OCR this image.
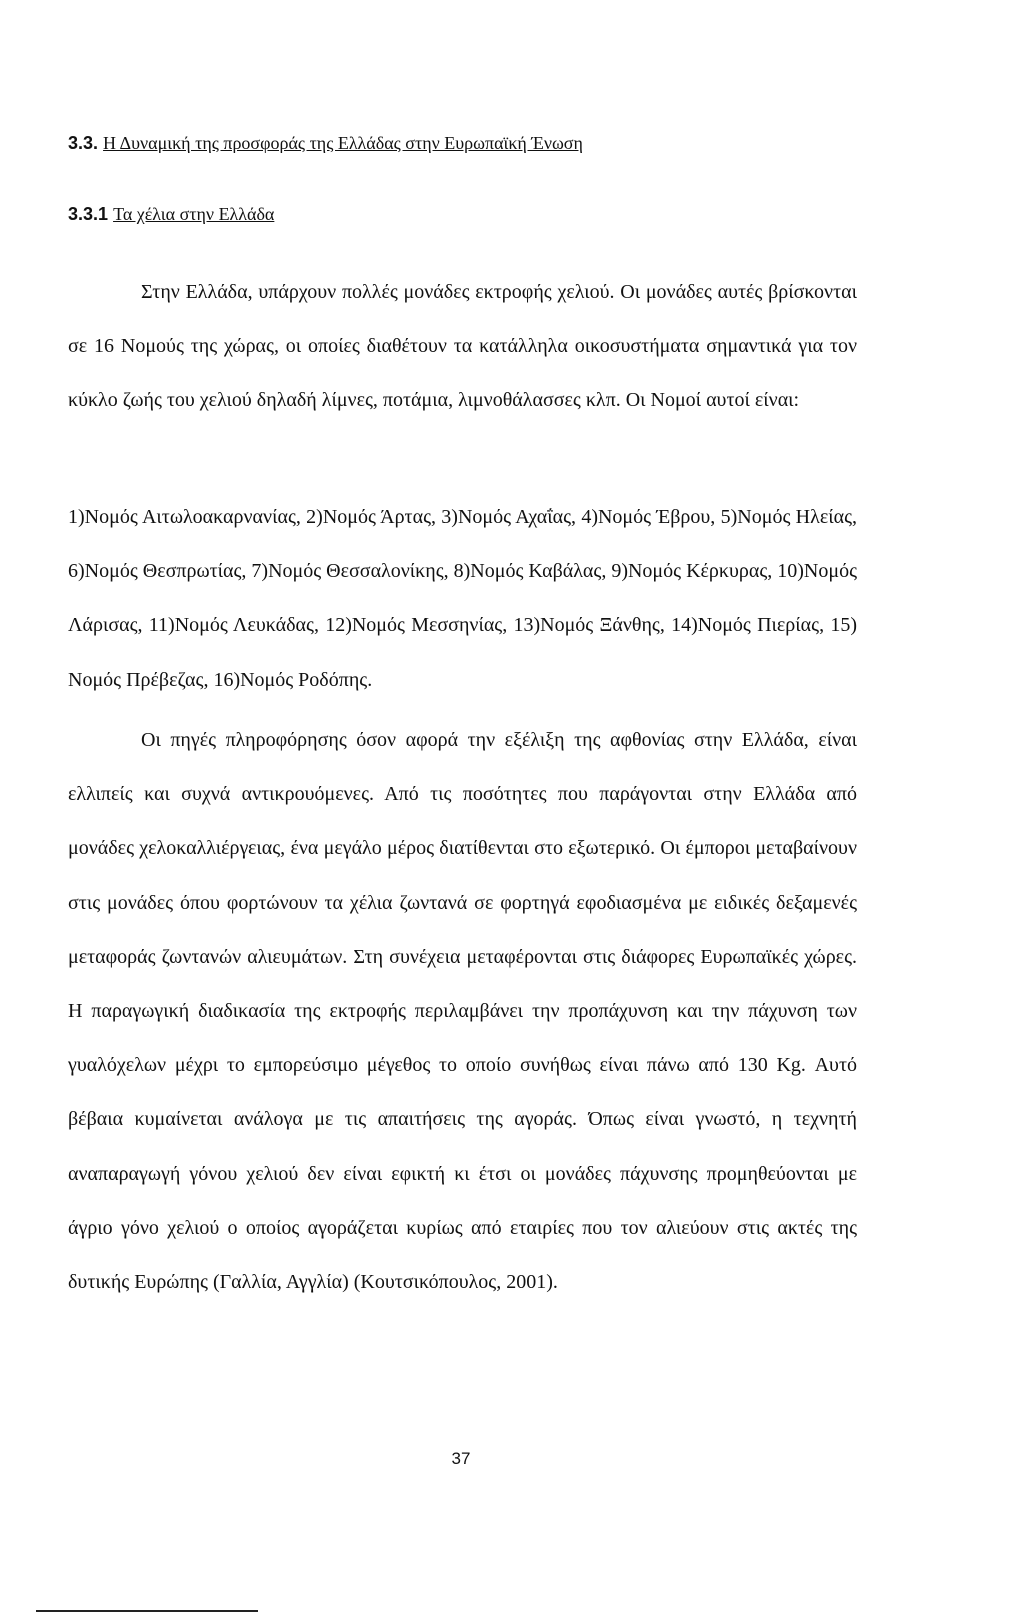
3.3. Η Δυναμική της προσφοράς της Ελλάδας στην Ευρωπαϊκή Ένωση
3.3.1 Τα χέλια στην Ελλάδα

Στην Ελλάδα, υπάρχουν πολλές μονάδες εκτροφής χελιού. Οι μονάδες αυτές βρίσκονται σε 16 Νομούς της χώρας, οι οποίες διαθέτουν τα κατάλληλα οικοσυστήματα σημαντικά για τον κύκλο ζωής του χελιού δηλαδή λίμνες, ποτάμια, λιμνοθάλασσες κλπ. Οι Νομοί αυτοί είναι:

1)Νομός Αιτωλοακαρνανίας, 2)Νομός Άρτας, 3)Νομός Αχαΐας, 4)Νομός Έβρου, 5)Νομός Ηλείας, 6)Νομός Θεσπρωτίας, 7)Νομός Θεσσαλονίκης, 8)Νομός Καβάλας, 9)Νομός Κέρκυρας, 10)Νομός Λάρισας, 11)Νομός Λευκάδας, 12)Νομός Μεσσηνίας, 13)Νομός Ξάνθης, 14)Νομός Πιερίας, 15) Νομός Πρέβεζας, 16)Νομός Ροδόπης.

Οι πηγές πληροφόρησης όσον αφορά την εξέλιξη της αφθονίας στην Ελλάδα, είναι ελλιπείς και συχνά αντικρουόμενες. Από τις ποσότητες που παράγονται στην Ελλάδα από μονάδες χελοκαλλιέργειας, ένα μεγάλο μέρος διατίθενται στο εξωτερικό. Οι έμποροι μεταβαίνουν στις μονάδες όπου φορτώνουν τα χέλια ζωντανά σε φορτηγά εφοδιασμένα με ειδικές δεξαμενές μεταφοράς ζωντανών αλιευμάτων. Στη συνέχεια μεταφέρονται στις διάφορες Ευρωπαϊκές χώρες. Η παραγωγική διαδικασία της εκτροφής περιλαμβάνει την προπάχυνση και την πάχυνση των γυαλόχελων μέχρι το εμπορεύσιμο μέγεθος το οποίο συνήθως είναι πάνω από 130 Kg. Αυτό βέβαια κυμαίνεται ανάλογα με τις απαιτήσεις της αγοράς. Όπως είναι γνωστό, η τεχνητή αναπαραγωγή γόνου χελιού δεν είναι εφικτή κι έτσι οι μονάδες πάχυνσης προμηθεύονται με άγριο γόνο χελιού ο οποίος αγοράζεται κυρίως από εταιρίες που τον αλιεύουν στις ακτές της δυτικής Ευρώπης (Γαλλία, Αγγλία) (Κουτσικόπουλος, 2001).

37
